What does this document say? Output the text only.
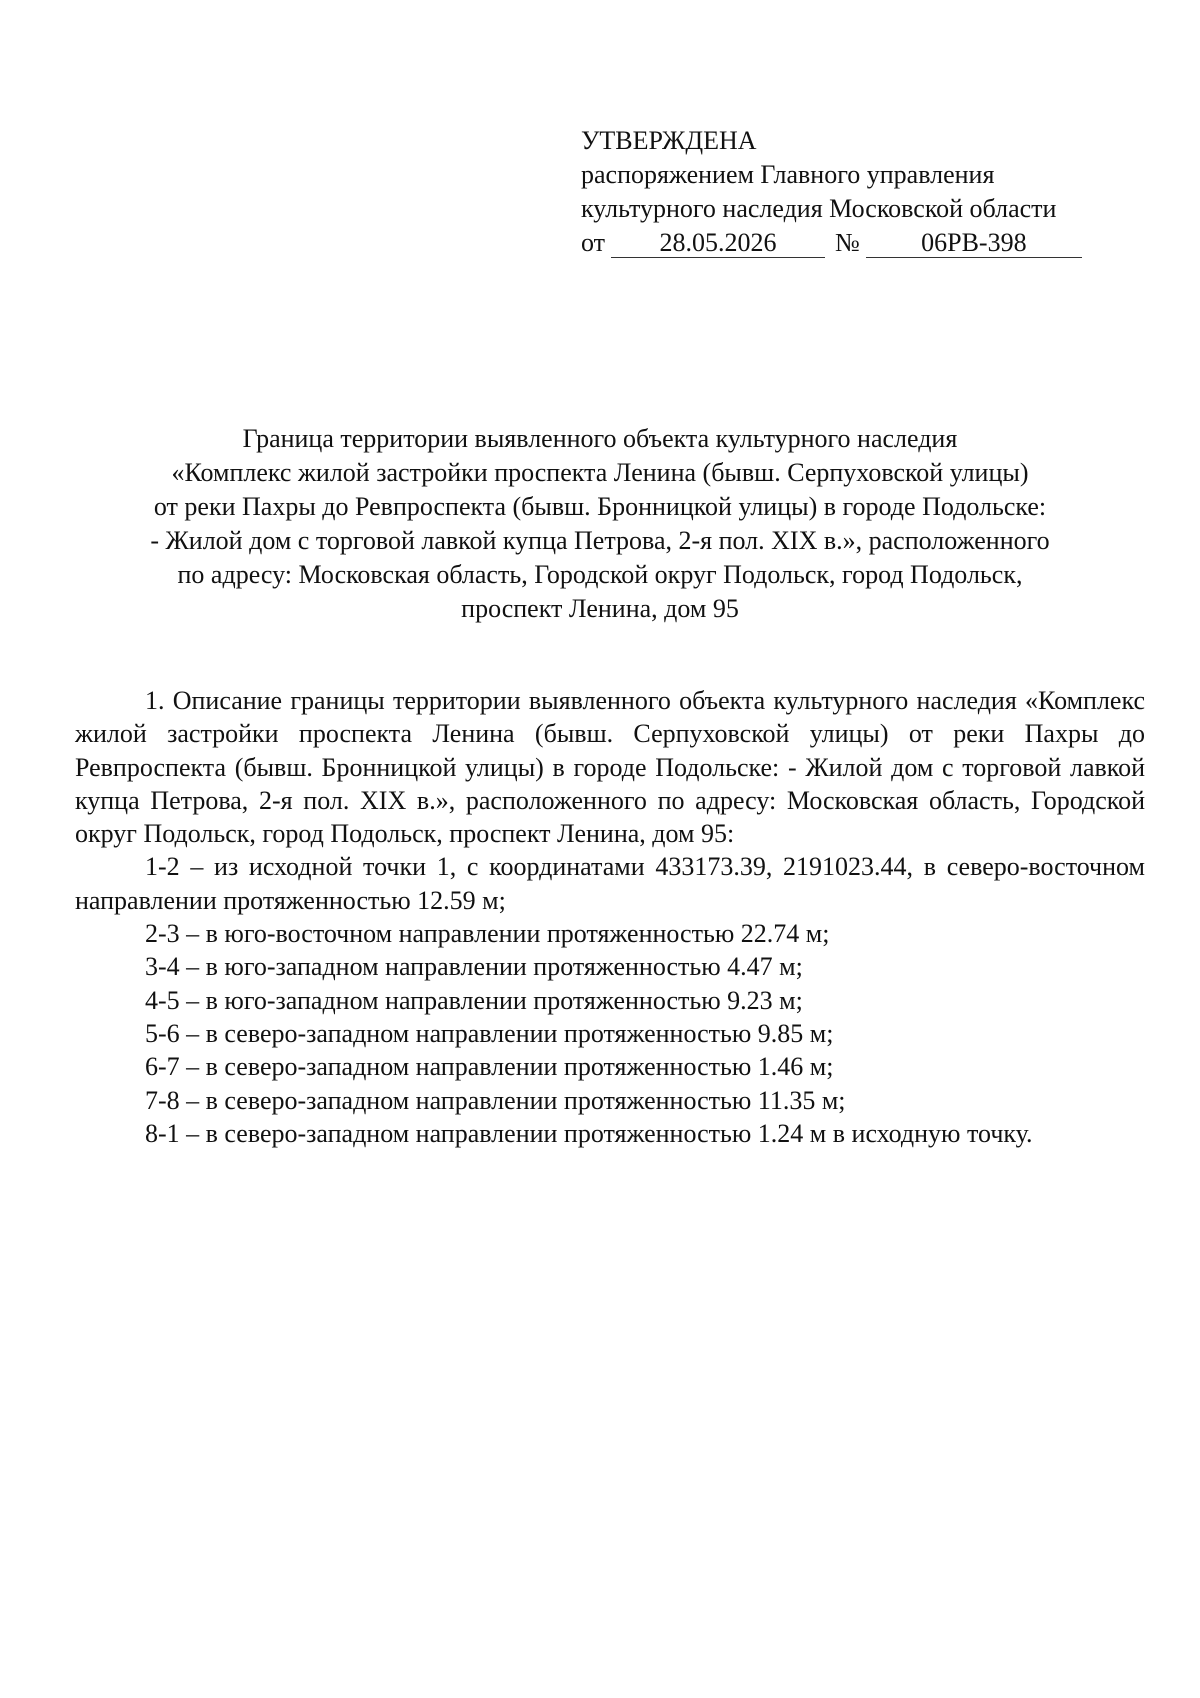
УТВЕРЖДЕНА
распоряжением Главного управления
культурного наследия Московской области
от 28.05.2026 № 06РВ-398
Граница территории выявленного объекта культурного наследия
«Комплекс жилой застройки проспекта Ленина (бывш. Серпуховской улицы)
от реки Пахры до Ревпроспекта (бывш. Бронницкой улицы) в городе Подольске:
- Жилой дом с торговой лавкой купца Петрова, 2-я пол. XIX в.», расположенного
по адресу: Московская область, Городской округ Подольск, город Подольск,
проспект Ленина, дом 95

1. Описание границы территории выявленного объекта культурного наследия «Комплекс жилой застройки проспекта Ленина (бывш. Серпуховской улицы) от реки Пахры до Ревпроспекта (бывш. Бронницкой улицы) в городе Подольске: - Жилой дом с торговой лавкой купца Петрова, 2-я пол. XIX в.», расположенного по адресу: Московская область, Городской округ Подольск, город Подольск, проспект Ленина, дом 95:

1-2 – из исходной точки 1, с координатами 433173.39, 2191023.44, в северо-восточном направлении протяженностью 12.59 м;

2-3 – в юго-восточном направлении протяженностью 22.74 м;

3-4 – в юго-западном направлении протяженностью 4.47 м;

4-5 – в юго-западном направлении протяженностью 9.23 м;

5-6 – в северо-западном направлении протяженностью 9.85 м;

6-7 – в северо-западном направлении протяженностью 1.46 м;

7-8 – в северо-западном направлении протяженностью 11.35 м;

8-1 – в северо-западном направлении протяженностью 1.24 м в исходную точку.
